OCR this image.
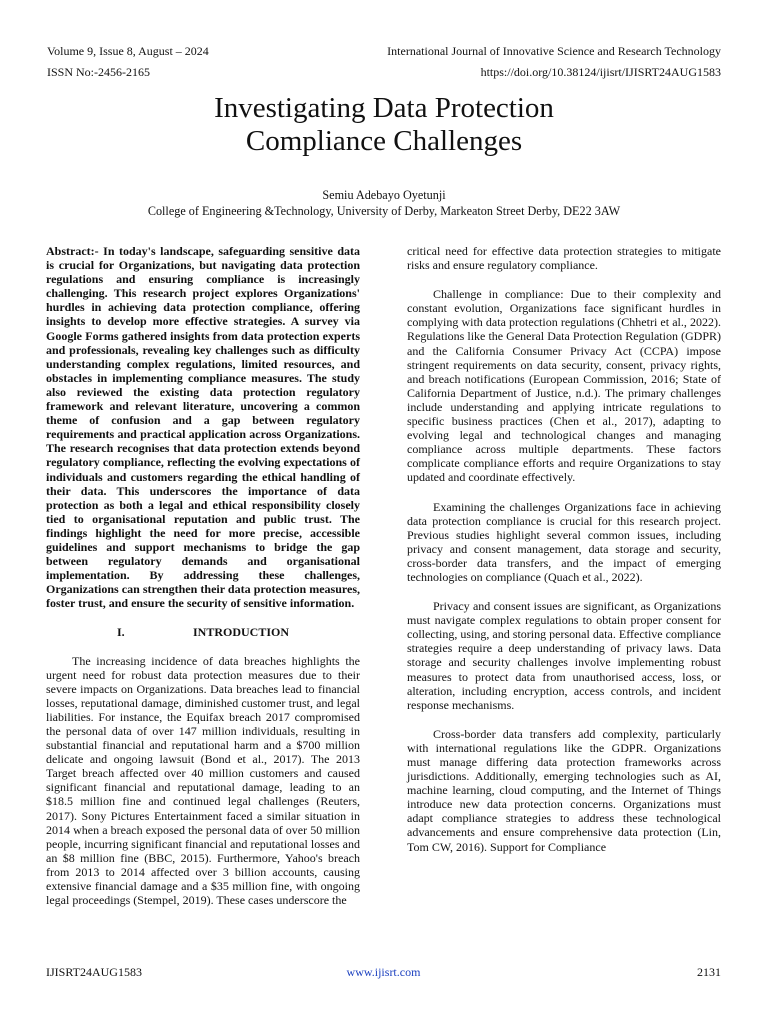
Volume 9, Issue 8, August – 2024	International Journal of Innovative Science and Research Technology
ISSN No:-2456-2165	https://doi.org/10.38124/ijisrt/IJISRT24AUG1583
Investigating Data Protection
Compliance Challenges
Semiu Adebayo Oyetunji
College of Engineering &Technology, University of Derby, Markeaton Street Derby, DE22 3AW

Abstract:- In today's landscape, safeguarding sensitive data is crucial for Organizations, but navigating data protection regulations and ensuring compliance is increasingly challenging. This research project explores Organizations' hurdles in achieving data protection compliance, offering insights to develop more effective strategies. A survey via Google Forms gathered insights from data protection experts and professionals, revealing key challenges such as difficulty understanding complex regulations, limited resources, and obstacles in implementing compliance measures. The study also reviewed the existing data protection regulatory framework and relevant literature, uncovering a common theme of confusion and a gap between regulatory requirements and practical application across Organizations. The research recognises that data protection extends beyond regulatory compliance, reflecting the evolving expectations of individuals and customers regarding the ethical handling of their data. This underscores the importance of data protection as both a legal and ethical responsibility closely tied to organisational reputation and public trust. The findings highlight the need for more precise, accessible guidelines and support mechanisms to bridge the gap between regulatory demands and organisational implementation. By addressing these challenges, Organizations can strengthen their data protection measures, foster trust, and ensure the security of sensitive information.

I.	INTRODUCTION

The increasing incidence of data breaches highlights the urgent need for robust data protection measures due to their severe impacts on Organizations. Data breaches lead to financial losses, reputational damage, diminished customer trust, and legal liabilities. For instance, the Equifax breach 2017 compromised the personal data of over 147 million individuals, resulting in substantial financial and reputational harm and a $700 million delicate and ongoing lawsuit (Bond et al., 2017). The 2013 Target breach affected over 40 million customers and caused significant financial and reputational damage, leading to an $18.5 million fine and continued legal challenges (Reuters, 2017). Sony Pictures Entertainment faced a similar situation in 2014 when a breach exposed the personal data of over 50 million people, incurring significant financial and reputational losses and an $8 million fine (BBC, 2015). Furthermore, Yahoo's breach from 2013 to 2014 affected over 3 billion accounts, causing extensive financial damage and a $35 million fine, with ongoing legal proceedings (Stempel, 2019). These cases underscore the

critical need for effective data protection strategies to mitigate risks and ensure regulatory compliance.

Challenge in compliance: Due to their complexity and constant evolution, Organizations face significant hurdles in complying with data protection regulations (Chhetri et al., 2022). Regulations like the General Data Protection Regulation (GDPR) and the California Consumer Privacy Act (CCPA) impose stringent requirements on data security, consent, privacy rights, and breach notifications (European Commission, 2016; State of California Department of Justice, n.d.). The primary challenges include understanding and applying intricate regulations to specific business practices (Chen et al., 2017), adapting to evolving legal and technological changes and managing compliance across multiple departments. These factors complicate compliance efforts and require Organizations to stay updated and coordinate effectively.

Examining the challenges Organizations face in achieving data protection compliance is crucial for this research project. Previous studies highlight several common issues, including privacy and consent management, data storage and security, cross-border data transfers, and the impact of emerging technologies on compliance (Quach et al., 2022).

Privacy and consent issues are significant, as Organizations must navigate complex regulations to obtain proper consent for collecting, using, and storing personal data. Effective compliance strategies require a deep understanding of privacy laws. Data storage and security challenges involve implementing robust measures to protect data from unauthorised access, loss, or alteration, including encryption, access controls, and incident response mechanisms.

Cross-border data transfers add complexity, particularly with international regulations like the GDPR. Organizations must manage differing data protection frameworks across jurisdictions. Additionally, emerging technologies such as AI, machine learning, cloud computing, and the Internet of Things introduce new data protection concerns. Organizations must adapt compliance strategies to address these technological advancements and ensure comprehensive data protection (Lin, Tom CW, 2016). Support for Compliance

IJISRT24AUG1583	www.ijisrt.com	2131
